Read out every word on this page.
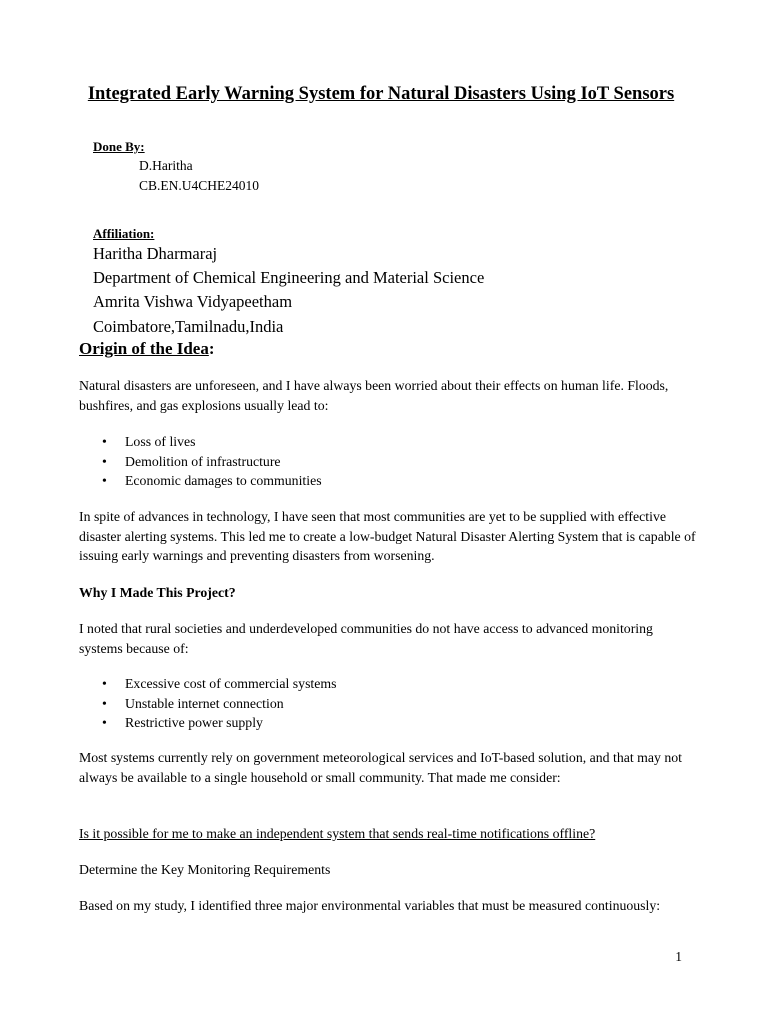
Integrated Early Warning System for Natural Disasters Using IoT Sensors
Done By:
D.Haritha
CB.EN.U4CHE24010
Affiliation:
Haritha Dharmaraj
Department of Chemical Engineering and Material Science
Amrita Vishwa Vidyapeetham
Coimbatore,Tamilnadu,India
Origin of the Idea:

Natural disasters are unforeseen, and I have always been worried about their effects on human life. Floods, bushfires, and gas explosions usually lead to:

• Loss of lives
• Demolition of infrastructure
• Economic damages to communities

In spite of advances in technology, I have seen that most communities are yet to be supplied with effective disaster alerting systems. This led me to create a low-budget Natural Disaster Alerting System that is capable of issuing early warnings and preventing disasters from worsening.

Why I Made This Project?

I noted that rural societies and underdeveloped communities do not have access to advanced monitoring systems because of:

• Excessive cost of commercial systems
• Unstable internet connection
• Restrictive power supply

Most systems currently rely on government meteorological services and IoT-based solution, and that may not always be available to a single household or small community. That made me consider:

Is it possible for me to make an independent system that sends real-time notifications offline?

Determine the Key Monitoring Requirements

Based on my study, I identified three major environmental variables that must be measured continuously:

1
